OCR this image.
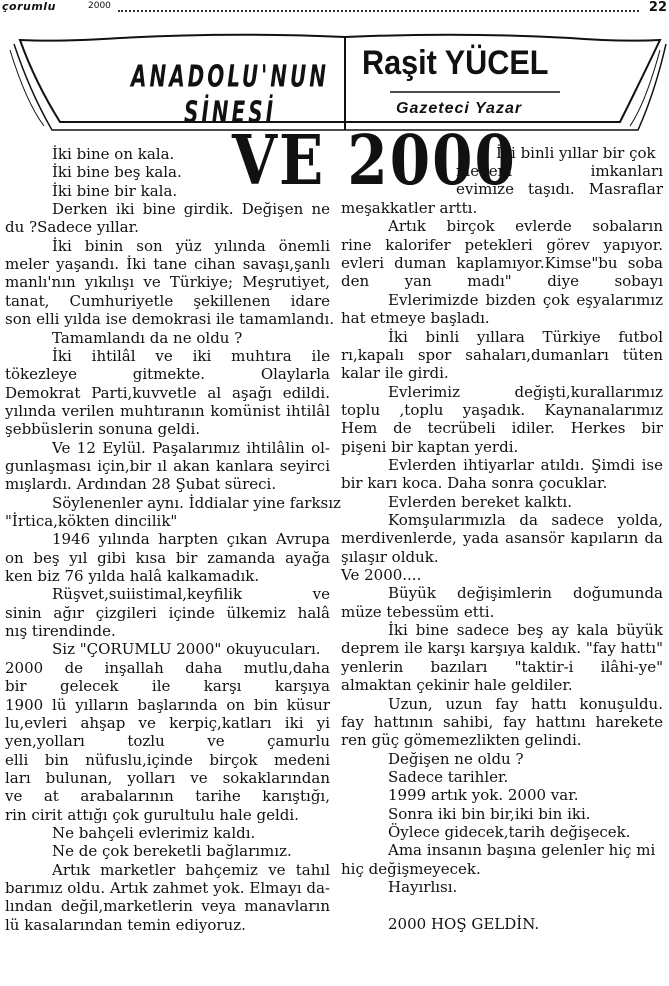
çorumlu	2000	22
ANADOLU'NUN SİNESİ
Raşit YÜCEL
Gazeteci Yazar
VE 2000
İki bine on kala.
İki bine beş kala.
İki bine bir kala.
Derken iki bine girdik. Değişen ne
du ?Sadece yıllar.
İki binin son yüz yılında önemli
meler yaşandı. İki tane cihan savaşı,şanlı
manlı'nın yıkılışı ve Türkiye; Meşrutiyet,
tanat, Cumhuriyetle şekillenen idare
son elli yılda ise demokrasi ile tamamlandı.
Tamamlandı da ne oldu ?
İki ihtilâl ve iki muhtıra ile
tökezleye gitmekte. Olaylarla
Demokrat Parti,kuvvetle al aşağı edildi.
yılında verilen muhtıranın komünist ihtilâl
şebbüslerin sonuna geldi.
Ve 12 Eylül. Paşalarımız ihtilâlin ol-
gunlaşması için,bir ıl akan kanlara seyirci
mışlardı. Ardından 28 Şubat süreci.
Söylenenler aynı. İddialar yine farksız
"İrtica,kökten dincilik"
1946 yılında harpten çıkan Avrupa
on beş yıl gibi kısa bir zamanda ayağa
ken biz 76 yılda halâ kalkamadık.
Rüşvet,suiistimal,keyfilik ve
sinin ağır çizgileri içinde ülkemiz halâ
nış tirendinde.
Siz "ÇORUMLU 2000" okuyucuları.
2000 de inşallah daha mutlu,daha
bir gelecek ile karşı karşıya
1900 lü yılların başlarında on bin küsur
lu,evleri ahşap ve kerpiç,katları iki yi
yen,yolları tozlu ve çamurlu
elli bin nüfuslu,içinde birçok medeni
ları bulunan, yolları ve sokaklarından
ve at arabalarının tarihe karıştığı,
rin cirit attığı çok gurultulu hale geldi.
Ne bahçeli evlerimiz kaldı.
Ne de çok bereketli bağlarımız.
Artık marketler bahçemiz ve tahıl
barımız oldu. Artık zahmet yok. Elmayı da-
lından değil,marketlerin veya manavların
lü kasalarından temin ediyoruz.
İki binli yıllar bir çok
medeni imkanları
evimize taşıdı. Masraflar
meşakkatler arttı.
Artık birçok evlerde sobaların
rine kalorifer petekleri görev yapıyor.
evleri duman kaplamıyor.Kimse"bu soba
den yan madı" diye sobayı
Evlerimizde bizden çok eşyalarımız
hat etmeye başladı.
İki binli yıllara Türkiye futbol
rı,kapalı spor sahaları,dumanları tüten
kalar ile girdi.
Evlerimiz değişti,kurallarımız
toplu ,toplu yaşadık. Kaynanalarımız
Hem de tecrübeli idiler. Herkes bir
pişeni bir kaptan yerdi.
Evlerden ihtiyarlar atıldı. Şimdi ise
bir karı koca. Daha sonra çocuklar.
Evlerden bereket kalktı.
Komşularımızla da sadece yolda,
merdivenlerde, yada asansör kapıların da
şılaşır olduk.
Ve 2000....
Büyük değişimlerin doğumunda
müze tebessüm etti.
İki bine sadece beş ay kala büyük
deprem ile karşı karşıya kaldık. "fay hattı"
yenlerin bazıları "taktir-i ilâhi-ye"
almaktan çekinir hale geldiler.
Uzun, uzun fay hattı konuşuldu.
fay hattının sahibi, fay hattını harekete
ren güç gömemezlikten gelindi.
Değişen ne oldu ?
Sadece tarihler.
1999 artık yok. 2000 var.
Sonra iki bin bir,iki bin iki.
Öylece gidecek,tarih değişecek.
Ama insanın başına gelenler hiç mi
hiç değişmeyecek.
Hayırlısı.
2000 HOŞ GELDİN.
